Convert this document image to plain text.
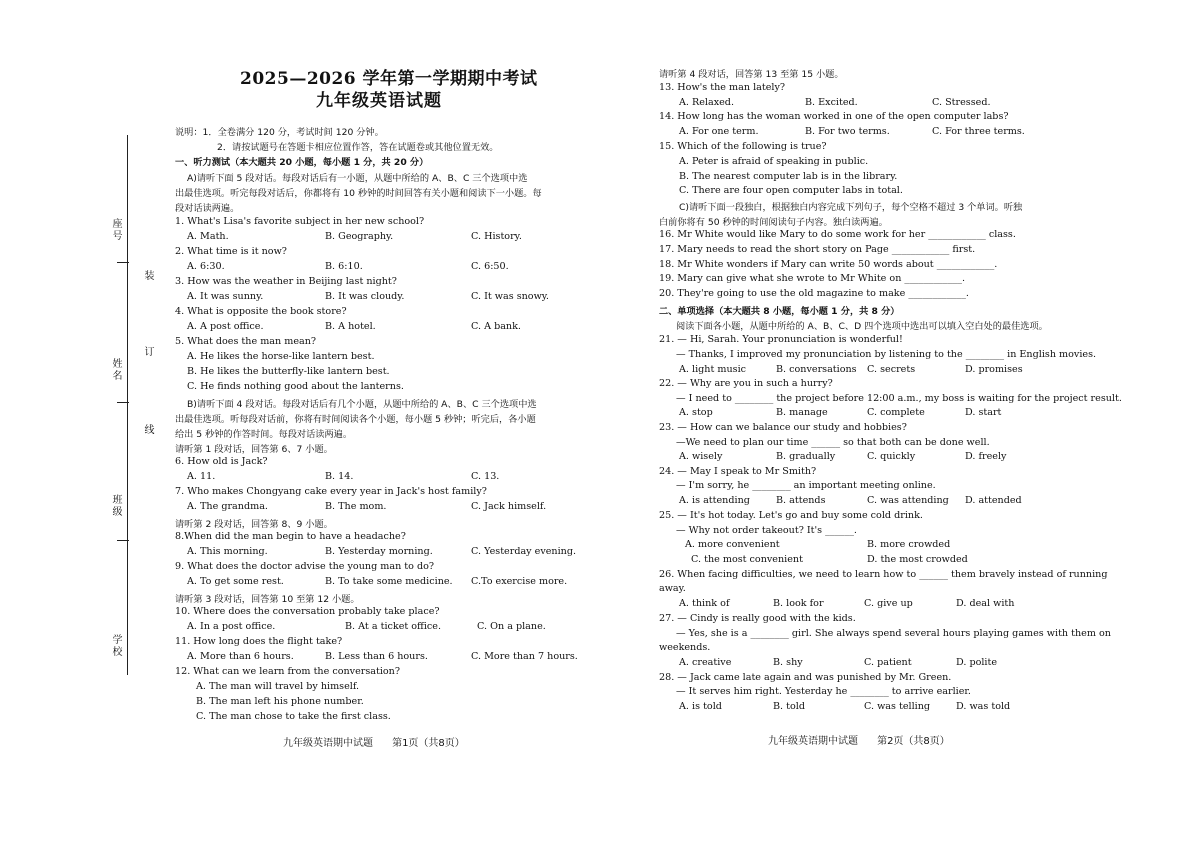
座号
姓名
班级
学校
装
订
线
2025—2026 学年第一学期期中考试
九年级英语试题
说明：1．全卷满分 120 分，考试时间 120 分钟。
2．请按试题号在答题卡相应位置作答，答在试题卷或其他位置无效。
一、听力测试（本大题共 20 小题，每小题 1 分，共 20 分）
A)请听下面 5 段对话。每段对话后有一小题，从题中所给的 A、B、C 三个选项中选
出最佳选项。听完每段对话后，你都将有 10 秒钟的时间回答有关小题和阅读下一小题。每
段对话读两遍。
1. What's Lisa's favorite subject in her new school?
A. Math.	B. Geography.	C. History.
2. What time is it now?
A. 6:30.	B. 6:10.	C. 6:50.
3. How was the weather in Beijing last night?
A. It was sunny.	B. It was cloudy.	C. It was snowy.
4. What is opposite the book store?
A. A post office.	B. A hotel.	C. A bank.
5. What does the man mean?
A. He likes the horse-like lantern best.
B. He likes the butterfly-like lantern best.
C. He finds nothing good about the lanterns.
B)请听下面 4 段对话。每段对话后有几个小题，从题中所给的 A、B、C 三个选项中选
出最佳选项。听每段对话前，你将有时间阅读各个小题，每小题 5 秒钟；听完后，各小题
给出 5 秒钟的作答时间。每段对话读两遍。
请听第 1 段对话，回答第 6、7 小题。
6. How old is Jack?
A. 11.	B. 14.	C. 13.
7. Who makes Chongyang cake every year in Jack's host family?
A. The grandma.	B. The mom.	C. Jack himself.
请听第 2 段对话，回答第 8、9 小题。
8.When did the man begin to have a headache?
A. This morning.	B. Yesterday morning.	C. Yesterday evening.
9. What does the doctor advise the young man to do?
A. To get some rest.	B. To take some medicine. C.To exercise more.
请听第 3 段对话，回答第 10 至第 12 小题。
10. Where does the conversation probably take place?
A. In a post office.	B. At a ticket office.	C. On a plane.
11. How long does the flight take?
A. More than 6 hours.	B. Less than 6 hours.	C. More than 7 hours.
12. What can we learn from the conversation?
A. The man will travel by himself.
B. The man left his phone number.
C. The man chose to take the first class.
九年级英语期中试题      第1页（共8页）
请听第 4 段对话，回答第 13 至第 15 小题。
13. How's the man lately?
A. Relaxed.	B. Excited.	C. Stressed.
14. How long has the woman worked in one of the open computer labs?
A. For one term.	B. For two terms.	C. For three terms.
15. Which of the following is true?
A. Peter is afraid of speaking in public.
B. The nearest computer lab is in the library.
C. There are four open computer labs in total.
C)请听下面一段独白，根据独白内容完成下列句子，每个空格不超过 3 个单词。听独
白前你将有 50 秒钟的时间阅读句子内容。独白读两遍。
16. Mr White would like Mary to do some work for her ____________ class.
17. Mary needs to read the short story on Page ____________ first.
18. Mr White wonders if Mary can write 50 words about ____________.
19. Mary can give what she wrote to Mr White on ____________.
20. They're going to use the old magazine to make ____________.
二、单项选择（本大题共 8 小题，每小题 1 分，共 8 分）
阅读下面各小题，从题中所给的 A、B、C、D 四个选项中选出可以填入空白处的最佳选项。
21. — Hi, Sarah. Your pronunciation is wonderful!
— Thanks, I improved my pronunciation by listening to the ________ in English movies.
A. light music	B. conversations C. secrets	D. promises
22. — Why are you in such a hurry?
— I need to ________ the project before 12:00 a.m., my boss is waiting for the project result.
A. stop	B. manage	C. complete	D. start
23. — How can we balance our study and hobbies?
—We need to plan our time ______ so that both can be done well.
A. wisely	B. gradually	C. quickly	D. freely
24. — May I speak to Mr Smith?
— I'm sorry, he ________ an important meeting online.
A. is attending	B. attends	C. was attending D. attended
25. — It's hot today. Let's go and buy some cold drink.
— Why not order takeout? It's ______.
A. more convenient	B. more crowded
C. the most convenient	D. the most crowded
26. When facing difficulties, we need to learn how to ______ them bravely instead of running
away.
A. think of	B. look for	C. give up	D. deal with
27. — Cindy is really good with the kids.
— Yes, she is a ________ girl. She always spend several hours playing games with them on
weekends.
A. creative	B. shy	C. patient	D. polite
28. — Jack came late again and was punished by Mr. Green.
— It serves him right. Yesterday he ________ to arrive earlier.
A. is told	B. told	C. was telling	D. was told
九年级英语期中试题      第2页（共8页）
